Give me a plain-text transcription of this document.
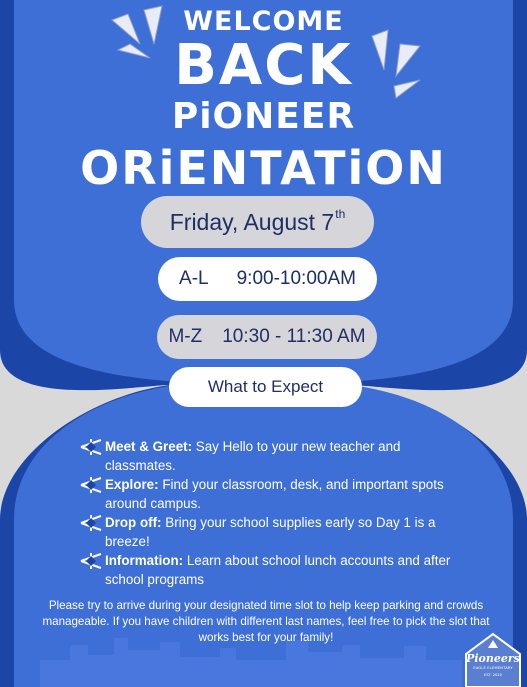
WELCOME
BACK
PiONEER
ORiENTATiON
Friday, August 7th
A-L 9:00-10:00AM
M-Z 10:30 - 11:30 AM
What to Expect
Meet & Greet: Say Hello to your new teacher and classmates.
Explore: Find your classroom, desk, and important spots around campus.
Drop off: Bring your school supplies early so Day 1 is a breeze!
Information: Learn about school lunch accounts and after school programs
Please try to arrive during your designated time slot to help keep parking and crowds manageable. If you have children with different last names, feel free to pick the slot that works best for your family!
Pioneers
EAGLE ELEMENTARY
EST. 2020
